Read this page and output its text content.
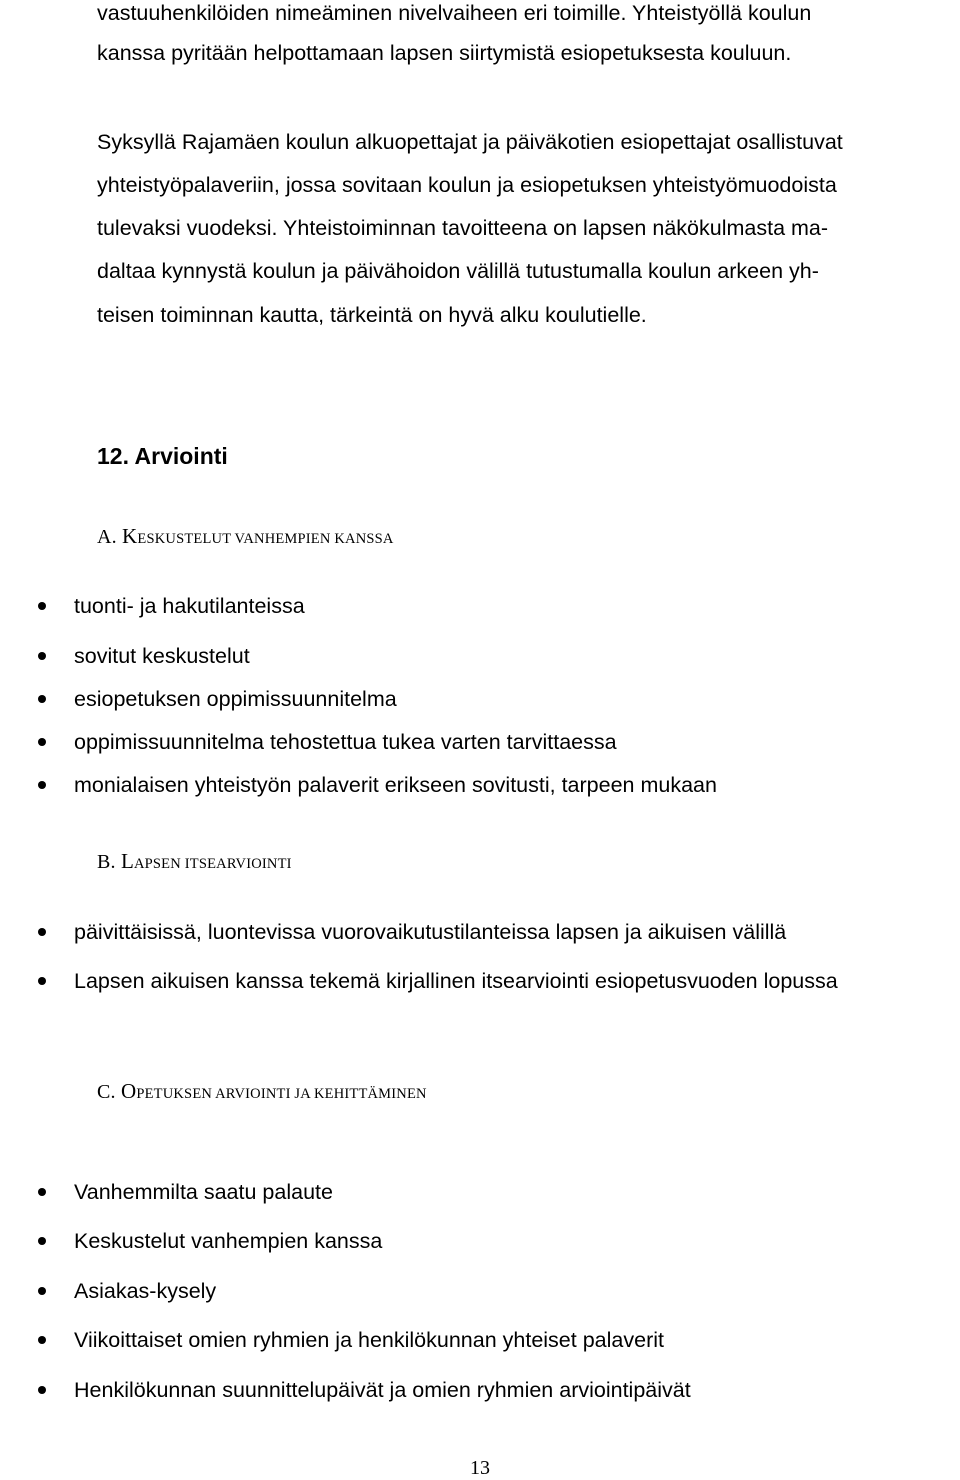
vastuuhenkilöiden nimeäminen nivelvaiheen eri toimille. Yhteistyöllä koulun
kanssa pyritään helpottamaan lapsen siirtymistä esiopetuksesta kouluun.
Syksyllä Rajamäen koulun alkuopettajat ja päiväkotien esiopettajat osallistuvat
yhteistyöpalaveriin, jossa sovitaan koulun ja esiopetuksen yhteistyömuodoista
tulevaksi vuodeksi. Yhteistoiminnan tavoitteena on lapsen näkökulmasta ma-
daltaa kynnystä koulun ja päivähoidon välillä tutustumalla koulun arkeen yh-
teisen toiminnan kautta, tärkeintä on hyvä alku koulutielle.
12. Arviointi
A. KESKUSTELUT VANHEMPIEN KANSSA
tuonti- ja hakutilanteissa
sovitut keskustelut
esiopetuksen oppimissuunnitelma
oppimissuunnitelma tehostettua tukea varten tarvittaessa
monialaisen yhteistyön palaverit erikseen sovitusti, tarpeen mukaan
B. LAPSEN ITSEARVIOINTI
päivittäisissä, luontevissa vuorovaikutustilanteissa lapsen ja aikuisen välillä
Lapsen aikuisen kanssa tekemä kirjallinen itsearviointi esiopetusvuoden lopussa
C. OPETUKSEN ARVIOINTI JA KEHITTÄMINEN
Vanhemmilta saatu palaute
Keskustelut vanhempien kanssa
Asiakas-kysely
Viikoittaiset omien ryhmien ja henkilökunnan yhteiset palaverit
Henkilökunnan suunnittelupäivät ja omien ryhmien arviointipäivät
13
